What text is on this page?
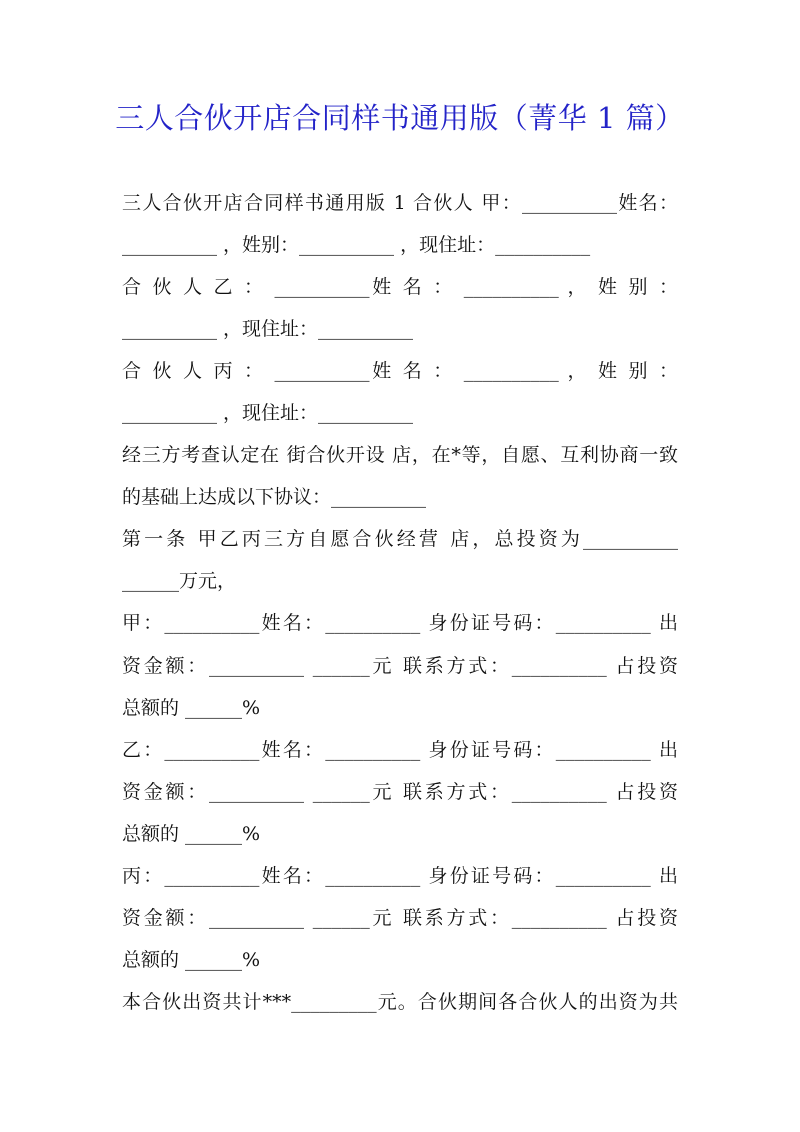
三人合伙开店合同样书通用版（菁华 1 篇）
三人合伙开店合同样书通用版 1 合伙人 甲：__________姓名：
__________ ，姓别：__________ ，现住址：__________
合 伙 人 乙 ： __________姓 名 ： __________ ， 姓 别 ：
__________ ，现住址：__________
合 伙 人 丙 ： __________姓 名 ： __________ ， 姓 别 ：
__________ ，现住址：__________
经三方考查认定在 街合伙开设 店，在*等，自愿、互利协商一致
的基础上达成以下协议：__________
第一条 甲乙丙三方自愿合伙经营 店，总投资为__________
______万元，
甲：__________姓名：__________ 身份证号码：__________ 出
资金额：__________ ______元 联系方式：__________ 占投资
总额的 ______%
乙：__________姓名：__________ 身份证号码：__________ 出
资金额：__________ ______元 联系方式：__________ 占投资
总额的 ______%
丙：__________姓名：__________ 身份证号码：__________ 出
资金额：__________ ______元 联系方式：__________ 占投资
总额的 ______%
本合伙出资共计***_________元。合伙期间各合伙人的出资为共
